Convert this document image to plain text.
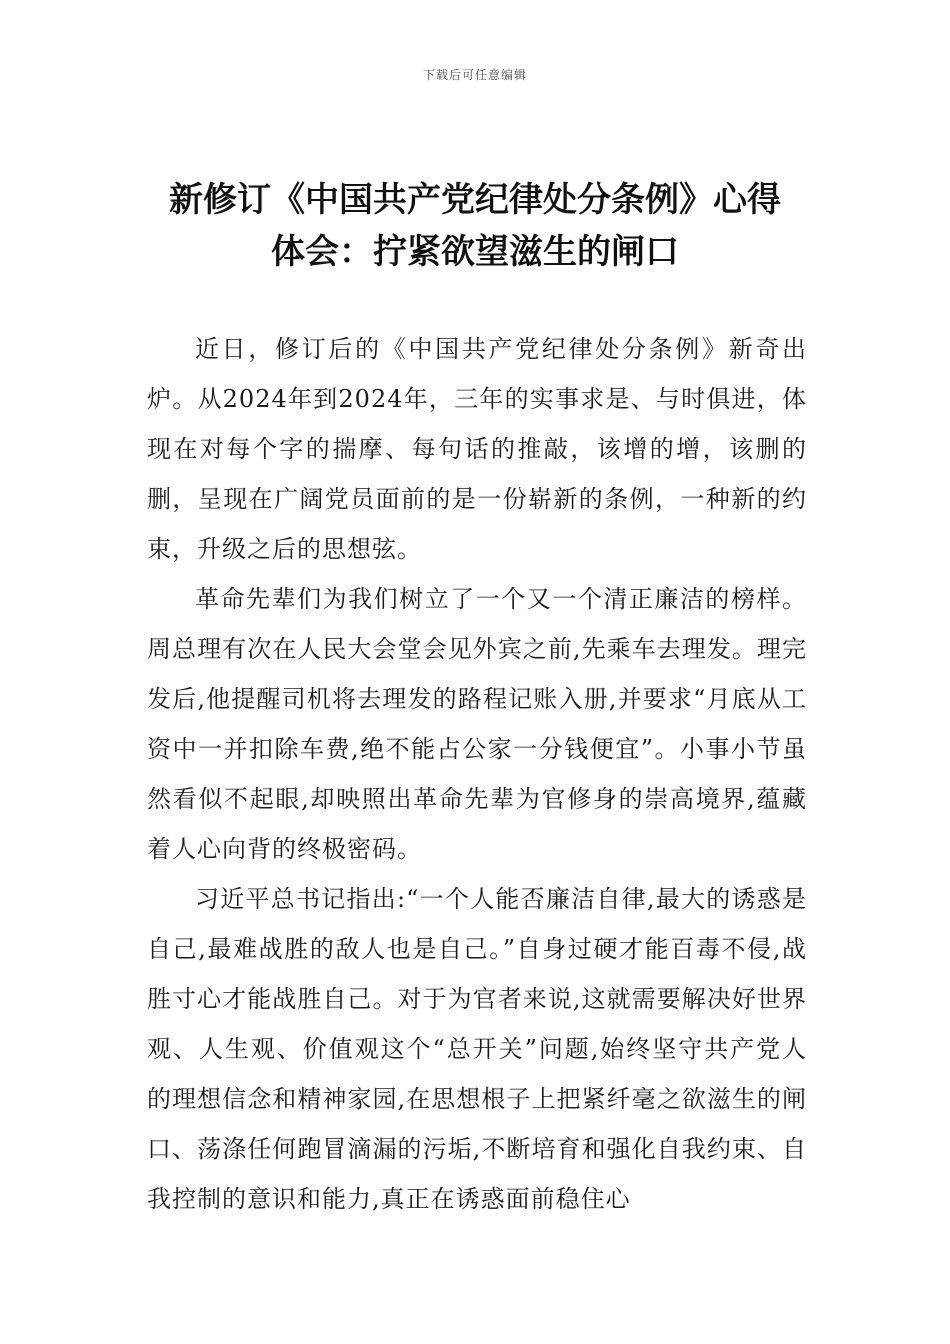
下载后可任意编辑
新修订《中国共产党纪律处分条例》心得
体会：拧紧欲望滋生的闸口

近日，修订后的《中国共产党纪律处分条例》新奇出炉。从2024年到2024年，三年的实事求是、与时俱进，体现在对每个字的揣摩、每句话的推敲，该增的增，该删的删，呈现在广阔党员面前的是一份崭新的条例，一种新的约束，升级之后的思想弦。

革命先辈们为我们树立了一个又一个清正廉洁的榜样。周总理有次在人民大会堂会见外宾之前,先乘车去理发。理完发后,他提醒司机将去理发的路程记账入册,并要求“月底从工资中一并扣除车费,绝不能占公家一分钱便宜”。小事小节虽然看似不起眼,却映照出革命先辈为官修身的崇高境界,蕴藏着人心向背的终极密码。

习近平总书记指出:“一个人能否廉洁自律,最大的诱惑是自己,最难战胜的敌人也是自己。”自身过硬才能百毒不侵,战胜寸心才能战胜自己。对于为官者来说,这就需要解决好世界观、人生观、价值观这个“总开关”问题,始终坚守共产党人的理想信念和精神家园,在思想根子上把紧纤毫之欲滋生的闸口、荡涤任何跑冒滴漏的污垢,不断培育和强化自我约束、自我控制的意识和能力,真正在诱惑面前稳住心
